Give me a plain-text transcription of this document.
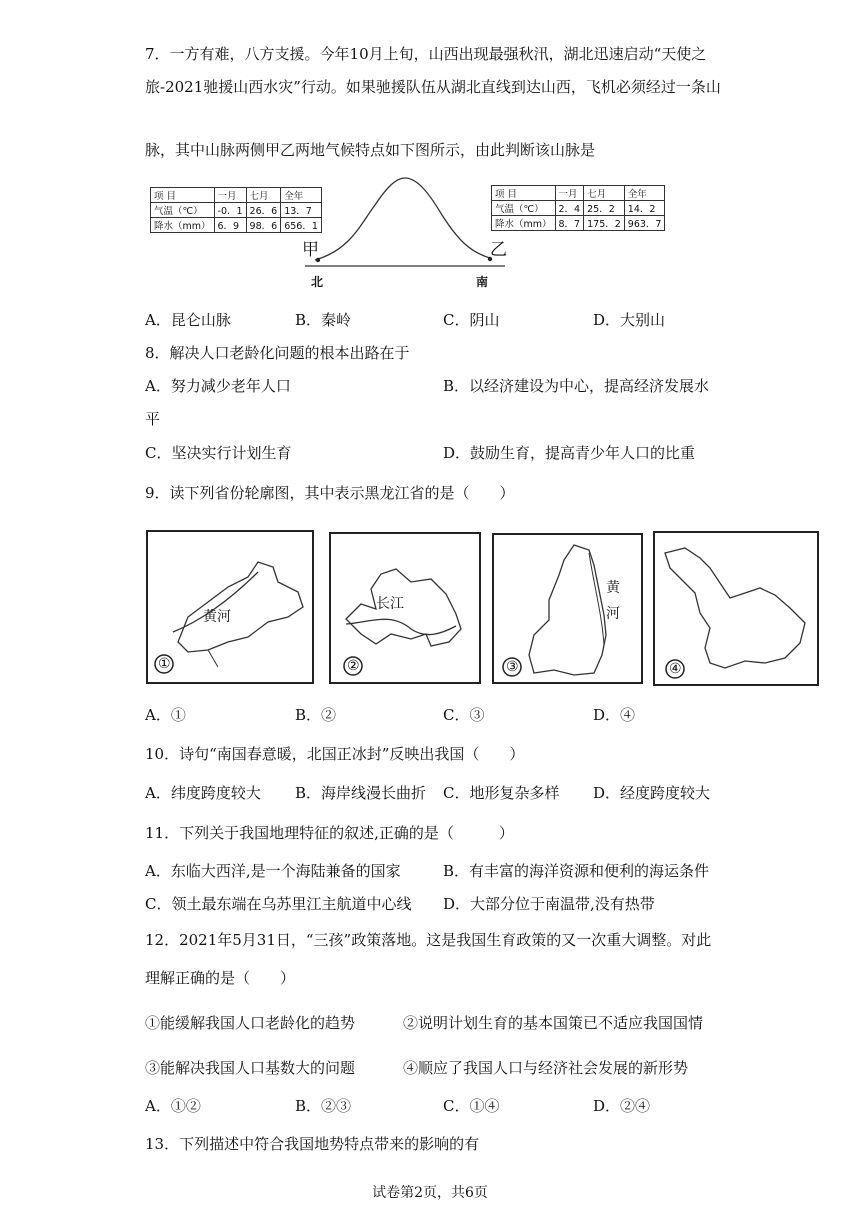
7．一方有难，八方支援。今年10月上旬，山西出现最强秋汛，湖北迅速启动“天使之
旅-2021驰援山西水灾”行动。如果驰援队伍从湖北直线到达山西，飞机必须经过一条山
脉，其中山脉两侧甲乙两地气候特点如下图所示，由此判断该山脉是
项 目	一月	七月	全年
气温（℃）	-0．1	26．6	13．7
降水（mm）	6．9	98．6	656．1
项 目	一月	七月	全年
气温（℃）	2．4	25．2	14．2
降水（mm）	8．7	175．2	963．7
甲	乙
北	南
A．昆仑山脉	B．秦岭	C．阴山	D．大别山
8．解决人口老龄化问题的根本出路在于
A．努力减少老年人口	B．以经济建设为中心，提高经济发展水
平
C．坚决实行计划生育	D．鼓励生育，提高青少年人口的比重
9．读下列省份轮廓图，其中表示黑龙江省的是（　　）
①
黄河
②
长江
③
黄河
④
A．①	B．②	C．③	D．④
10．诗句“南国春意暖，北国正冰封”反映出我国（　　）
A．纬度跨度较大 B．海岸线漫长曲折 C．地形复杂多样 D．经度跨度较大
11．下列关于我国地理特征的叙述,正确的是（　　　）
A．东临大西洋,是一个海陆兼备的国家	B．有丰富的海洋资源和便利的海运条件
C．领土最东端在乌苏里江主航道中心线 D．大部分位于南温带,没有热带
12．2021年5月31日，“三孩”政策落地。这是我国生育政策的又一次重大调整。对此
理解正确的是（　　）
①能缓解我国人口老龄化的趋势	②说明计划生育的基本国策已不适应我国国情
③能解决我国人口基数大的问题	④顺应了我国人口与经济社会发展的新形势
A．①②	B．②③	C．①④	D．②④
13．下列描述中符合我国地势特点带来的影响的有
试卷第2页，共6页
